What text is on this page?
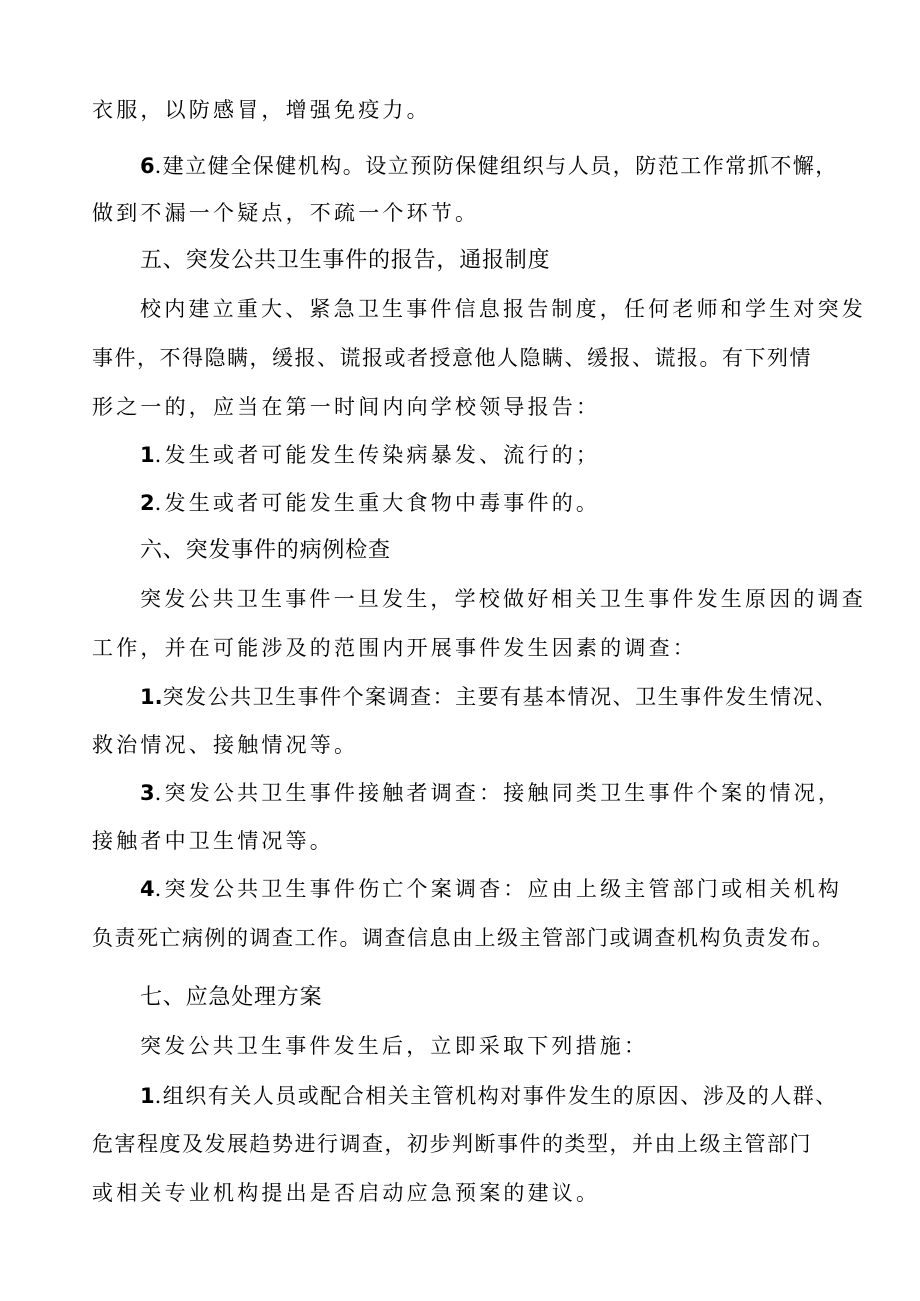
衣服，以防感冒，增强免疫力。
6.建立健全保健机构。设立预防保健组织与人员，防范工作常抓不懈，
做到不漏一个疑点，不疏一个环节。
五、突发公共卫生事件的报告，通报制度
校内建立重大、紧急卫生事件信息报告制度，任何老师和学生对突发
事件，不得隐瞒，缓报、谎报或者授意他人隐瞒、缓报、谎报。有下列情
形之一的，应当在第一时间内向学校领导报告：
1.发生或者可能发生传染病暴发、流行的；
2.发生或者可能发生重大食物中毒事件的。
六、突发事件的病例检查
突发公共卫生事件一旦发生，学校做好相关卫生事件发生原因的调查
工作，并在可能涉及的范围内开展事件发生因素的调查：
1.突发公共卫生事件个案调查：主要有基本情况、卫生事件发生情况、
救治情况、接触情况等。
3.突发公共卫生事件接触者调查：接触同类卫生事件个案的情况，
接触者中卫生情况等。
4.突发公共卫生事件伤亡个案调杳：应由上级主管部门或相关机构
负责死亡病例的调查工作。调查信息由上级主管部门或调查机构负责发布。
七、应急处理方案
突发公共卫生事件发生后，立即采取下列措施：
1.组织有关人员或配合相关主管机构对事件发生的原因、涉及的人群、
危害程度及发展趋势进行调查，初步判断事件的类型，并由上级主管部门
或相关专业机构提出是否启动应急预案的建议。
